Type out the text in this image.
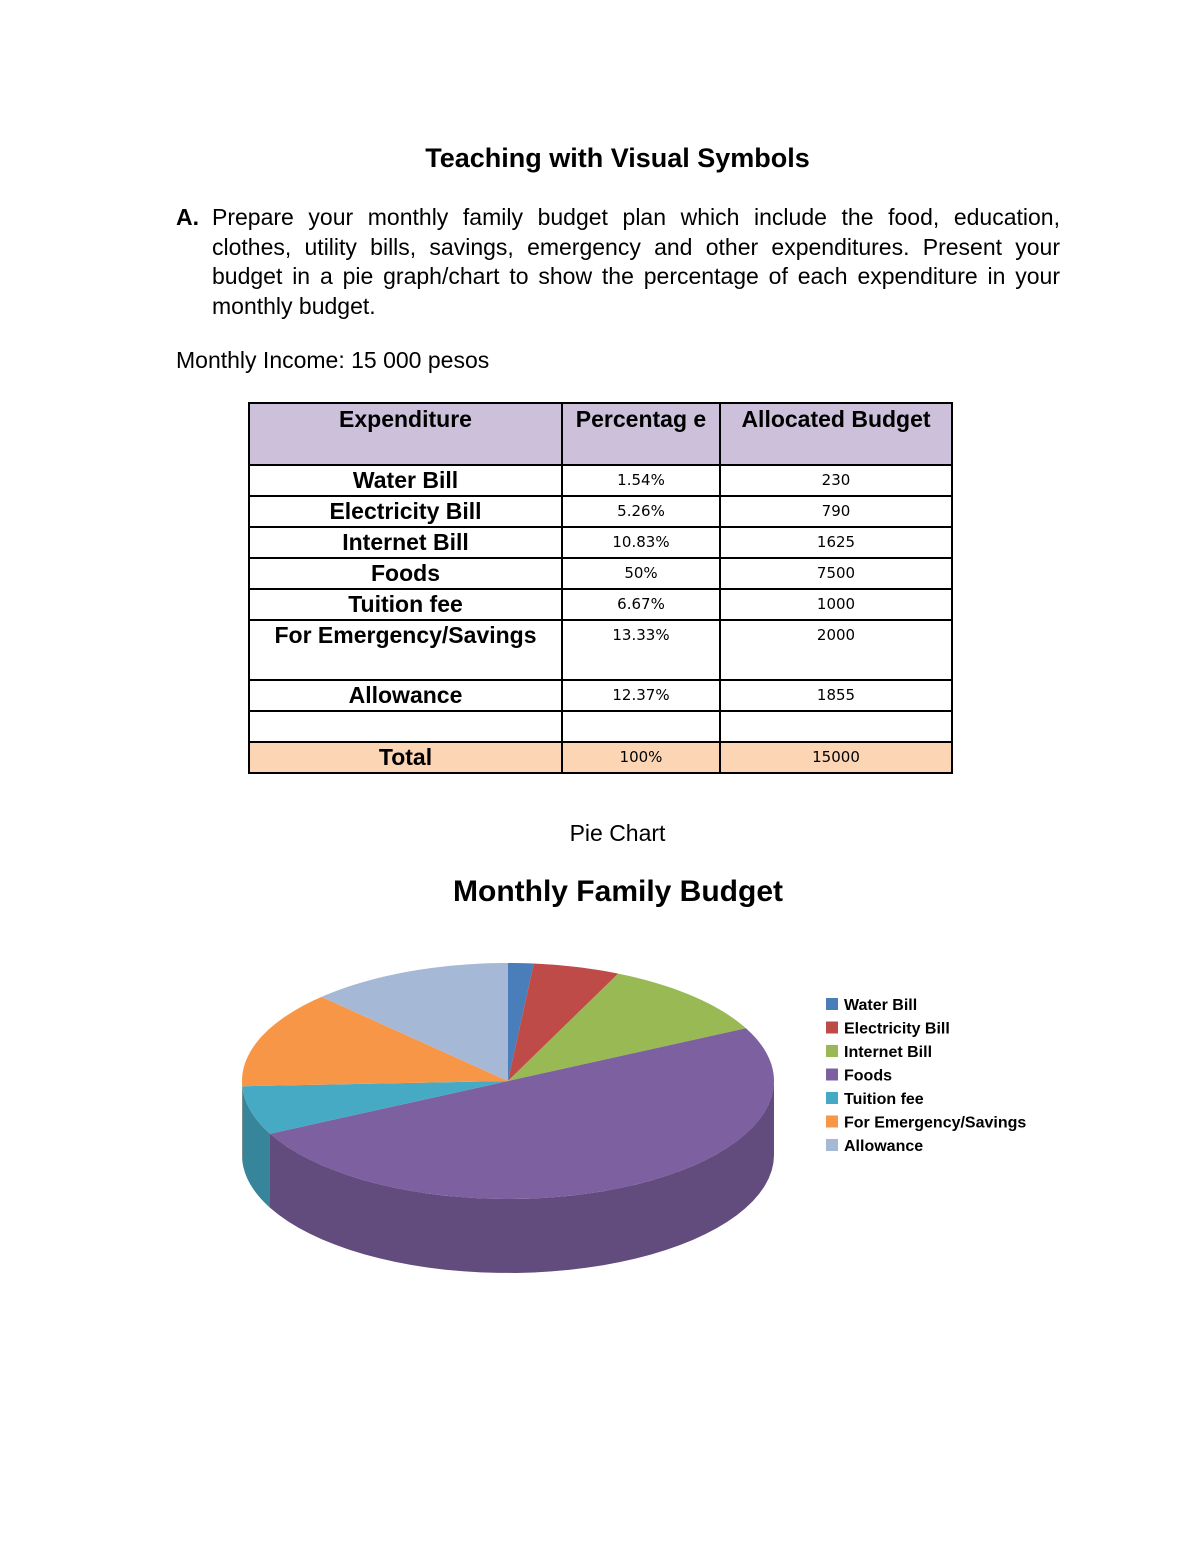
Teaching with Visual Symbols
A. Prepare your monthly family budget plan which include the food, education, clothes, utility bills, savings, emergency and other expenditures. Present your budget in a pie graph/chart to show the percentage of each expenditure in your monthly budget.
Monthly Income: 15 000 pesos
Expenditure	Percentag e	Allocated Budget
Water Bill	1.54%	230
Electricity Bill	5.26%	790
Internet Bill	10.83%	1625
Foods	50%	7500
Tuition fee	6.67%	1000
For Emergency/Savings	13.33%	2000
Allowance	12.37%	1855

Total	100%	15000
Pie Chart
Monthly Family Budget
Water Bill
Electricity Bill
Internet Bill
Foods
Tuition fee
For Emergency/Savings
Allowance
